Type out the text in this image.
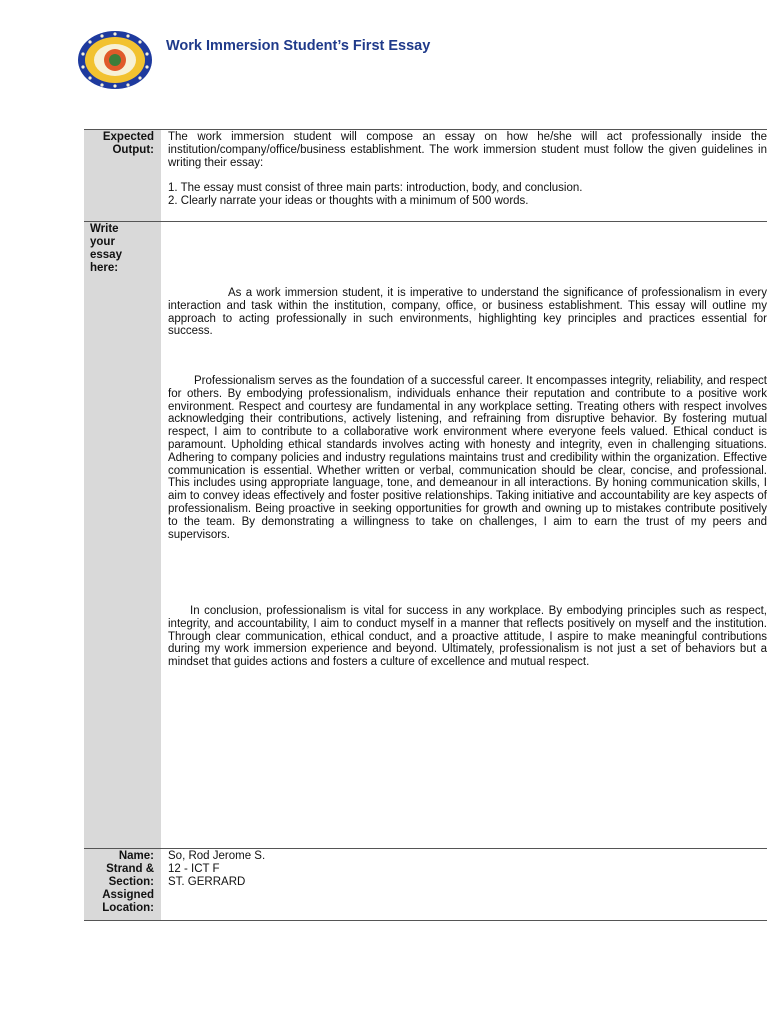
Work Immersion Student’s First Essay
Expected
Output:

The work immersion student will compose an essay on how he/she will act professionally inside the institution/company/office/business establishment. The work immersion student must follow the given guidelines in writing their essay:

1. The essay must consist of three main parts: introduction, body, and conclusion.

2. Clearly narrate your ideas or thoughts with a minimum of 500 words.

Write
your
essay
here:

As a work immersion student, it is imperative to understand the significance of professionalism in every interaction and task within the institution, company, office, or business establishment. This essay will outline my approach to acting professionally in such environments, highlighting key principles and practices essential for success.

Professionalism serves as the foundation of a successful career. It encompasses integrity, reliability, and respect for others. By embodying professionalism, individuals enhance their reputation and contribute to a positive work environment. Respect and courtesy are fundamental in any workplace setting. Treating others with respect involves acknowledging their contributions, actively listening, and refraining from disruptive behavior. By fostering mutual respect, I aim to contribute to a collaborative work environment where everyone feels valued. Ethical conduct is paramount. Upholding ethical standards involves acting with honesty and integrity, even in challenging situations. Adhering to company policies and industry regulations maintains trust and credibility within the organization. Effective communication is essential. Whether written or verbal, communication should be clear, concise, and professional. This includes using appropriate language, tone, and demeanour in all interactions. By honing communication skills, I aim to convey ideas effectively and foster positive relationships. Taking initiative and accountability are key aspects of professionalism. Being proactive in seeking opportunities for growth and owning up to mistakes contribute positively to the team. By demonstrating a willingness to take on challenges, I aim to earn the trust of my peers and supervisors.

In conclusion, professionalism is vital for success in any workplace. By embodying principles such as respect, integrity, and accountability, I aim to conduct myself in a manner that reflects positively on myself and the institution. Through clear communication, ethical conduct, and a proactive attitude, I aspire to make meaningful contributions during my work immersion experience and beyond. Ultimately, professionalism is not just a set of behaviors but a mindset that guides actions and fosters a culture of excellence and mutual respect.

Name:
Strand &
Section:
Assigned
Location:

So, Rod Jerome S.

12 - ICT F

ST. GERRARD
